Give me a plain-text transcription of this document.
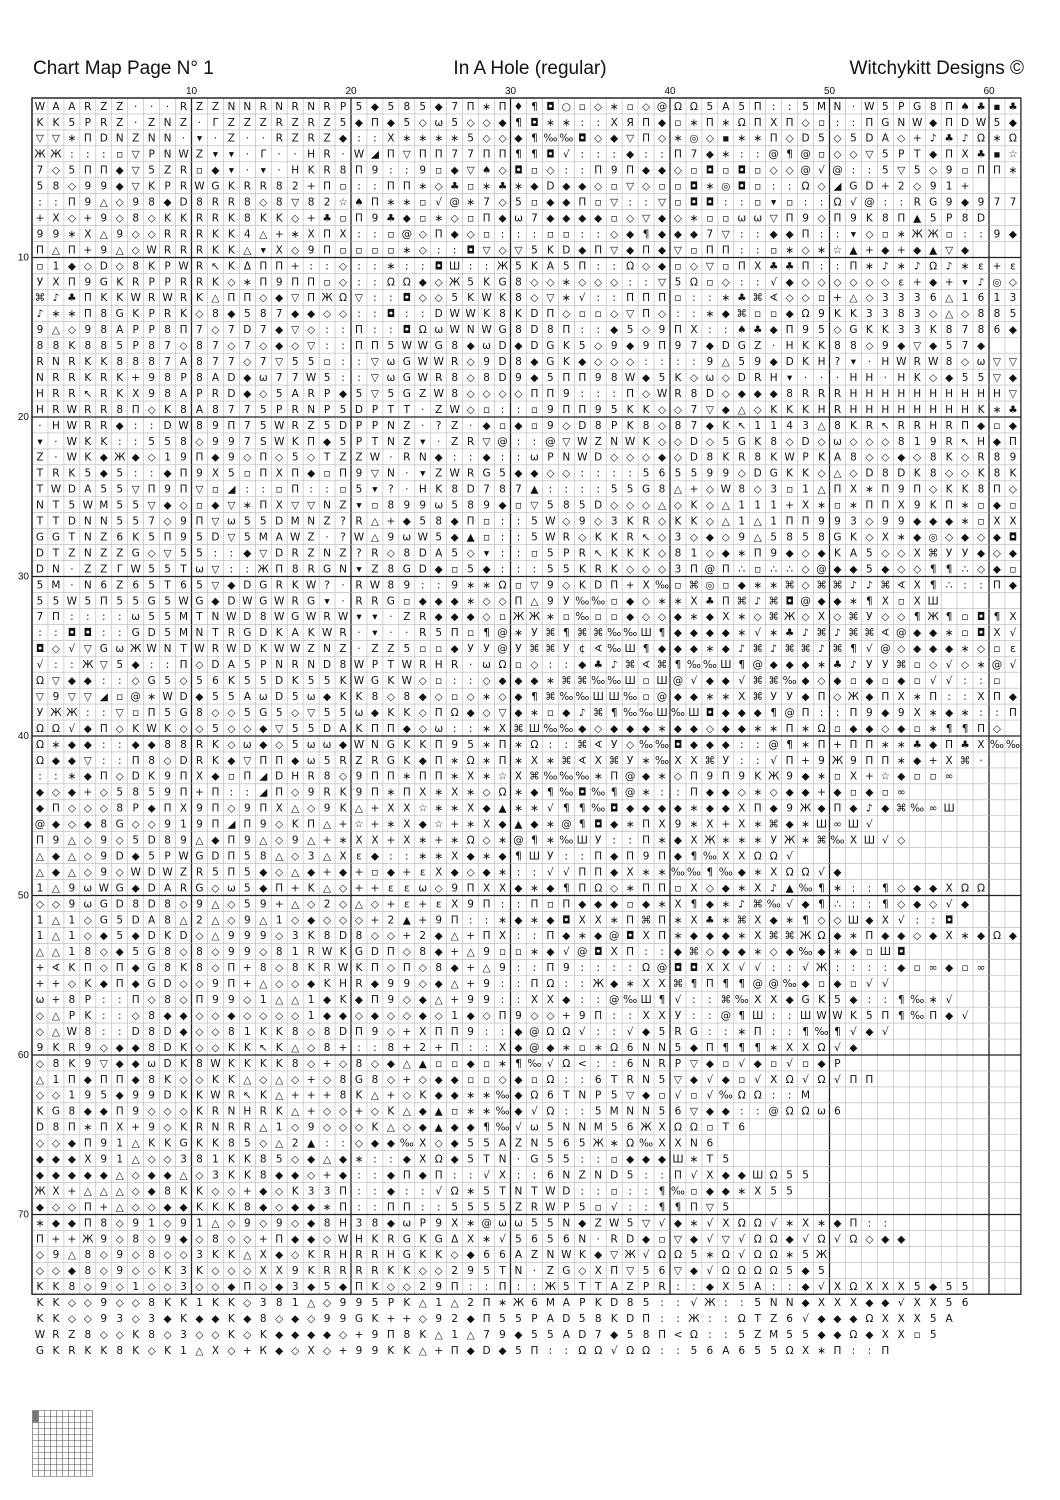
Chart Map Page N° 1	In A Hole (regular)	Witchykitt Designs ©
10	20	30	40	50	60
10
20
30
40
50
60
70
W A A R Z Z · · · R Z Z N N R N R N R P 5 ◆ 5 8 5 ◆ 7 П ∗ П ♦ ¶ ◘ ○ ▫ ◇ ∗ ▫ ◇ @ Ω Ω 5 A 5 П : : 5 M N · W 5 P G 8 П ♠ ♣ ▪ ♣
K K 5 P R Z · Z N Z · Γ Z Z Z R Z R Z 5 ◆ П ◆ 5 ◇ ω 5 ◇ ◇ ◆ ¶ ◘ ∗ ∗ : : Χ Я П ◆ ▫ ∗ П ∗ Ω П Χ П ◇ ▫ : : П G N W ◆ П D W 5 ◆
▽ ▽ ∗ П D N Z N N · ▾ · Z · · R Z R Z ◆ : : Χ ∗ ∗ ∗ ∗ 5 ◇ ◇ ◆ ¶ ‰ ‰ ◘ ◇ ◆ ▽ П ◇ ∗ ◎ ◇ ▪ ∗ ∗ П ◇ D 5 ◇ 5 D A ◇ + ♪ ♣ ♪ Ω ∗ Ω
Ж Ж : : : ▫ ▽ P N W Z ▾ ▾ · Γ · · H R · W ◢ П ▽ П П 7 7 П П ¶ ¶ ◘ √ : : : ◆ : : П 7 ◆ ∗ : : @ ¶ @ ▫ ◇ ◇ ▽ 5 P T ◆ П Χ ♣ ▪ ☆
7 ◇ 5 П П ◆ ▽ 5 Z R ▫ ◆ ▾ · ▾ · H K R 8 П 9 : : 9 ▫ ◆ ▽ ♠ ◇ ◘ ▫ ◇ : : П 9 П ◆ ◆ ◇ ▫ ◘ ▫ ◘ ▫ ◇ ◇ @ √ @ : : 5 ▽ 5 ◇ 9 ▫ П П ∗
5 8 ◇ 9 9 ◆ ▽ K P R W G K R R 8 2 + П ▫ : : П П ∗ ◇ ♣ ▫ ∗ ♣ ∗ ◆ D ◆ ◆ ◇ ▫ ▽ ◇ ▫ ▫ ◘ ∗ ◎ ◘ ▫ : : Ω ◇ ◢ G D + 2 ◇ 9 1 +
: : П 9 △ ◇ 9 8 ◆ D 8 R R 8 ◇ 8 ▽ 8 2 ☆ ♠ П ∗ ∗ ▫ √ @ ∗ 7 ◇ 5 ▫ ◆ ◆ П ▫ ▽ : : ▽ ▫ ◘ ◘ : : ▫ ▾ ▫ : : Ω √ @ : : R G 9 ◆ 9 7 7
+ Χ ◇ + 9 ◇ 8 ◇ K K R R K 8 K K ◇ + ♣ ▫ П 9 ♣ ◆ ▫ ∗ ◇ ▫ П ◆ ω 7 ◆ ◆ ◆ ◆ ▫ ◇ ▽ ◆ ◇ ∗ ▫ ▫ ω ω ▽ П 9 ◇ П 9 K 8 П ▲ 5 P 8 D
9 9 ∗ Χ △ 9 ◇ ◇ R R R K K 4 △ + ∗ Χ П Χ : : ▫ @ ◇ П ◆ ◇ ▫ : : : ▫ ▫ : : ◇ ◆ ¶ ◆ ◆ ◆ 7 ▽ : : ◆ ◆ П : : ▾ ◇ ▫ ∗ Ж Ж ▫ : : 9 ◆
П △ П + 9 △ ◇ W R R R K K △ ▾ Χ ◇ 9 П ▫ ▫ ▫ ▫ ∗ ◇ : : ◘ ▽ ◇ ▽ 5 K D ◆ П ▽ ◆ П ◆ ▽ ▫ П П : : ▫ ∗ ◇ ∗ ☆ ▲ + ◆ + ◆ ▲ ▽ ◆
▫ 1 ◆ ◇ D ◇ 8 K P W R ↖ K Δ П П + : : ◇ : : ∗ : : ◘ Ш : : Ж 5 K A 5 П : : Ω ◇ ◆ ▫ ◇ ▽ ▫ П Χ ♣ ♣ П : : П ∗ ♪ ∗ ♪ Ω ♪ ∗ ε + ε
У Χ П 9 G K R P P R R K ◇ ∗ П 9 П П ▫ ◇ : : Ω Ω ◆ ◇ Ж 5 K G 8 ◇ ◇ ∗ ◇ ◇ ◇ : : ▽ 5 Ω ▫ ◇ : : √ ◆ ◇ ◇ ◇ ◇ ◇ ◇ ε + ◆ + ▾ ♪ ◎ ◇
⌘ ♪ ♣ П K K W R W R K △ П П ◇ ◆ ▽ П Ж Ω ▽ : : ◘ ◇ ◇ 5 K W K 8 ◇ ▽ ∗ √ : : П П П ▫ : : ∗ ♣ ⌘ ∢ ◇ ◇ ▫ + △ ◇ 3 3 3 6 △ 1 6 1 3
♪ ∗ ∗ П 8 G K P R K ◇ 8 ◆ 5 8 7 ◆ ◆ ◇ ◇ : : ◘ : : D W W K 8 K D П ◇ ▫ ▫ ◇ ▽ П ◇ : : ∗ ◆ ⌘ ▫ ▫ ◆ Ω 9 K K 3 3 8 3 ◇ △ ◇ 8 8 5
9 △ ◇ 9 8 A P P 8 П 7 ◇ 7 D 7 ◆ ▽ ◇ : : П : : ◘ Ω ω W N W G 8 D 8 П : : ◆ 5 ◇ 9 П Χ : : ♠ ♣ ◆ П 9 5 ◇ G K K 3 3 K 8 7 8 6 ◆
8 8 K 8 8 5 P 8 7 ◇ 8 7 ◇ 7 ◇ ◆ ◇ ▽ : : П П 5 W W G 8 ◆ ω D ◆ D G K 5 ◇ 9 ◆ 9 П 9 7 ◆ D G Z · H K K 8 8 ◇ 9 ◆ ▽ ◆ 5 7 ◆
R N R K K 8 8 8 7 A 8 7 7 ◇ 7 ▽ 5 5 ▫ : : ▽ ω G W W R ◇ 9 D 8 ◆ G K ◆ ◇ ◇ ◇ : : : : 9 △ 5 9 ◆ D K H ? ▾ · H W R W 8 ◇ ω ▽ ▽
N R R K R K + 9 8 P 8 A D ◆ ω 7 7 W 5 : : ▽ ω G W R 8 ◇ 8 D 9 ◆ 5 П П 9 8 W ◆ 5 K ◇ ω ◇ D R H ▾ · · · H H · H K ◇ ◆ 5 5 ▽ ◆
H R R ↖ R K Χ 9 8 A P R D ◆ ◇ 5 A R P ◆ 5 ▽ 5 G Z W 8 ◇ ◇ ◇ ◇ П П 9 : : : П ◇ W R 8 D ◇ ◆ ◆ ◆ 8 R R R H H H H H H H H H H ▽
H R W R R 8 П ◇ K 8 A 8 7 7 5 P R N P 5 D P T T · Z W ◇ ▫ : : ▫ 9 П П 9 5 K K ◇ ◇ 7 ▽ ◆ △ ◇ K K K H R H H H H H H H H K ∗ ♣
· H W R R ◆ : : D W 8 9 П 7 5 W R Z 5 D P P N Z · ? Z · ◆ ▫ ◆ ▫ 9 ◇ D 8 P K 8 ◇ 8 7 ◆ K ↖ 1 1 4 3 △ 8 K R ↖ R R H R П ◆ ▫ ◆
▾ · W K K : : 5 5 8 ◇ 9 9 7 S W K П ◆ 5 P T N Z ▾ · Z R ▽ @ : : @ ▽ W Z N W K ◇ ◇ D ◇ 5 G K 8 ◇ D ◇ ω ◇ ◇ ◇ 8 1 9 R ↖ H ◆ П
Z · W K ◆ Ж ◆ ◇ 1 9 П ◆ 9 ◇ П ◇ 5 ◇ T Z Z W · R N ◆ : : ◆ : : ω P N W D ◇ ◇ ◇ ◆ ◇ D 8 K R 8 K W P K A 8 ◇ ◇ ◆ ◇ 8 K ◇ R 8 9
T R K 5 ◆ 5 : : ◆ П 9 Χ 5 ▫ П Χ П ◆ ▫ П 9 ▽ N · ▾ Z W R G 5 ◆ ◆ ◇ ◇ : : : : 5 6 5 5 9 9 ◇ D G K K ◇ △ ◇ D 8 D K 8 ◇ ◇ K 8 K
T W D A 5 5 ▽ П 9 П ▽ ▫ ◢ : : ▫ П : : ▫ 5 ▾ ? · H K 8 D 7 8 7 ▲ : : : : 5 5 G 8 △ + ◇ W 8 ◇ 3 ▫ 1 △ П Χ ∗ П 9 П ◇ K K 8 П ◇
N T 5 W M 5 5 ▽ ◆ ◇ ▫ ◆ ▽ ∗ П Χ ▽ ▽ N Z ▾ ▫ 8 9 9 ω 5 8 9 ◆ ▫ ▽ 5 8 5 D ◇ ◇ ◇ △ ◇ K ◇ △ 1 1 1 + Χ ∗ ▫ ∗ П П Χ 9 K П ∗ ▫ ◆ ▫
T T D N N 5 5 7 ◇ 9 П ▽ ω 5 5 D M N Z ? R △ + ◆ 5 8 ◆ П ▫ : : 5 W ◇ 9 ◇ 3 K R ◇ K K ◇ △ 1 △ 1 П П 9 9 3 ◇ 9 9 ◆ ◆ ◆ ∗ ▫ Χ Χ
G G T N Z 6 K 5 П 9 5 D ▽ 5 M A W Z · ? W △ 9 ω W 5 ◆ ▲ ▫ : : 5 W R ◇ K K R ↖ ◇ 3 ◇ ◆ ◇ 9 △ 5 8 5 8 G K ◇ Χ ∗ ◆ ◎ ◇ ◆ ◇ ◆ ◘
D T Z N Z Z G ◇ ▽ 5 5 : : ◆ ▽ D R Z N Z ? R ◇ 8 D A 5 ◇ ▾ : : ▫ 5 P R ↖ K K K ◇ 8 1 ◇ ◆ ∗ П 9 ◆ ◇ ◆ K A 5 ◇ ◇ Χ ⌘ У У ◆ ◇ ◆
D N · Z Z Γ W 5 5 T ω ▽ : : Ж П 8 R G N ▾ Z 8 G D ◆ ▫ 5 ◆ : : : 5 5 K R K ◇ ◇ ◇ 3 П @ П ∴ ▫ ∴ ∴ ◇ @ ◆ ◆ 5 ◆ ◇ ◇ ¶ ¶ ∴ ◇ ◆ ▫
5 M · N 6 Z 6 5 T 6 5 ▽ ◆ D G R K W ? · R W 8 9 : : 9 ∗ ∗ Ω ▫ ▽ 9 ◇ K D П + Χ ‰ ▫ ⌘ ◎ ▫ ◆ ∗ ∗ ⌘ ◇ ⌘ ⌘ ♪ ♪ ⌘ ∢ Χ ¶ ∴ : : П ◆
5 5 W 5 П 5 5 G 5 W G ◆ D W G W R G ▾ · R R G ▫ ◆ ◆ ◆ ∗ ◇ ◇ П △ 9 У ‰ ‰ ▫ ◆ ◇ ∗ ∗ Χ ♣ П ⌘ ♪ ⌘ ◘ @ ◆ ◆ ∗ ¶ Χ ▫ Χ Ш
7 П : : : : ω 5 5 M T N W D 8 W G W R W ▾ ▾ · Z R ◆ ◆ ◆ ◇ ▫ Ж Ж ∗ ▫ ‰ ▫ ▫ ◆ ◇ ◇ ◆ ∗ ◆ Χ ∗ ◇ ⌘ Ж ◇ Х ◇ ⌘ У ◇ ◇ ¶ Ж ¶ ▫ ◘ ¶ Χ
: : ◘ ◘ : : G D 5 M N T R G D K A K W R · ▾ · · R 5 П ▫ ¶ @ ∗ У ⌘ ¶ ⌘ ⌘ ‰ ‰ Ш ¶ ◆ ◆ ◆ ◆ ∗ √ ∗ ♣ ♪ ⌘ ♪ ⌘ ⌘ ∢ @ ◆ ◆ ∗ ▫ ◘ Χ √
◘ ◇ √ ▽ G ω Ж W N T W R W D K W W Z N Z · Z Z 5 ▫ ▫ ◆ У У @ У ⌘ ⌘ У ¢ ∢ ‰ Ш ¶ ◆ ◆ ◆ ∗ ◆ ♪ ⌘ ♪ ⌘ ⌘ ♪ ⌘ ¶ √ @ ◇ ◆ ◆ ◆ ∗ ◇ ▫ ε
√ : : Ж ▽ 5 ◆ : : П ◇ D A 5 P N R N D 8 W P T W R H R · ω Ω ▫ ◇ : : ◆ ♣ ♪ ⌘ ∢ ⌘ ¶ ‰ ‰ Ш ¶ @ ◆ ◆ ◆ ∗ ♣ ♪ У У ⌘ ▫ ◇ √ ◇ ∗ @ √
Ω ▽ ◆ ◆ : : ◇ G 5 ◇ 5 6 K 5 5 D K 5 5 K W G K W ◇ ▫ : : ◇ ◆ ◆ ◆ ∗ ⌘ ⌘ ‰ ‰ Ш ▫ Ш @ √ ◆ ◆ √ ⌘ ⌘ ‰ ◆ ◇ ◆ ▫ ◆ ▫ ◆ ▫ √ √ : : ▫
▽ 9 ▽ ▽ ◢ ▫ @ ∗ W D ◆ 5 5 A ω D 5 ω ◆ K K 8 ◇ 8 ◆ ◇ ▫ ◇ ∗ ◇ ◆ ¶ ⌘ ‰ ‰ Ш Ш ‰ ▫ @ ◆ ◆ ∗ ∗ Х ⌘ У У ◆ П ◇ Ж ◆ П Χ ∗ П : : Χ П ◆
У Ж Ж : : ▽ ▫ П 5 G 8 ◇ ◇ 5 G 5 ◇ ▽ 5 5 ω ◆ K K ◇ П Ω ◆ ◇ ▽ ◆ ∗ ▫ ◆ ♪ ⌘ ¶ ‰ ‰ Ш ‰ Ш ◘ ◆ ◆ ◆ ¶ @ П : : П 9 ◆ 9 Χ ∗ ◆ ∗ : : П
Ω Ω √ ◆ П ◇ K W K ◇ ◇ 5 ◇ ◇ ◆ ▽ 5 5 D A K П П ◆ ◇ ω : : ∗ Х ⌘ Ш ‰ ‰ ◆ ◇ ◆ ◆ ◆ ∗ ◆ ◆ ◇ ◆ ◆ ∗ ∗ П ∗ Ω ▫ ◆ ◆ ◇ ◆ ▫ ∗ ¶ ¶ П ◇
Ω ∗ ◆ ◆ : : ◆ ◆ 8 8 R K ◇ ω ◆ ◇ 5 ω ω ◆ W N G K K П 9 5 ∗ П ∗ Ω : : ⌘ ∢ У ◇ ‰ ‰ ◘ ◆ ◆ ◆ : : @ ¶ ∗ П + П П ∗ ∗ ♣ ◆ П ♣ Χ ‰ ‰
Ω ◆ ◆ ▽ : : П 8 ◇ D R K ◆ ▽ П П ◆ ω 5 R Z R G K ◆ П ∗ Ω ∗ П ∗ Х ∗ ⌘ ∢ Х ⌘ У ∗ ‰ Χ Х ⌘ У : : √ П + 9 Ж 9 П П ∗ ◆ + Χ ⌘ ·
: : ∗ ◆ П ◇ D K 9 П Χ ◆ ▫ П ◢ D H R 8 ◇ 9 П П ∗ П П ∗ Χ ∗ ☆ Х ⌘ ‰ ‰ ‰ ∗ П @ ◆ ∗ ◇ П 9 П 9 K Ж 9 ◆ ∗ ▫ Χ + ☆ ◆ ▫ ▫ ∞
◆ ◇ ◆ + ◇ 5 8 5 9 П + П : : ◢ П ◇ 9 R K 9 П ∗ П Χ ∗ Χ ∗ ◇ Ω ∗ ◆ ¶ ‰ ◘ ‰ ¶ @ ∗ : : П ◆ ◆ ◇ ∗ ◇ ◆ ◆ + ◆ ▫ ◆ ▫ ∞
◆ П ◇ ◇ ◇ 8 P ◆ П Х 9 П ◇ 9 П Χ △ ◇ 9 K △ + Χ Χ ☆ ∗ ∗ Χ ◆ ▲ ∗ ∗ √ ¶ ¶ ‰ ◘ ◆ ◆ ◆ ◆ ∗ ◆ ◆ Χ П ◆ 9 Ж ◆ П ◆ ♪ ◆ ⌘ ‰ ∞ Ш
@ ◆ ◇ ◆ 8 G ◇ ◇ 9 1 9 П ◢ П 9 ◇ K П △ + ☆ + ∗ Χ ◆ ☆ + ∗ Χ ◆ ▲ ◆ ∗ @ ¶ ◘ ◆ ∗ П Χ 9 ∗ Χ + Χ ∗ ⌘ ◆ ∗ Ш ∞ Ш √
П 9 △ ◇ 9 ◇ 5 D 8 9 △ ◆ П 9 △ ◇ 9 △ + ∗ Χ Χ + Χ ∗ + ∗ Ω ◇ ∗ @ ¶ ∗ ‰ Ш У : : П ∗ ◆ Χ Ж ∗ ∗ ∗ У Ж ∗ ⌘ ‰ Χ Ш √ ◇
△ ◆ △ ◇ 9 D ◆ 5 P W G D П 5 8 △ ◇ 3 △ Χ ε ◆ : : ∗ ∗ Х ◆ ∗ ◆ ¶ Ш У : : П ◆ П 9 П ◆ ¶ ‰ Χ Χ Ω Ω √
△ ◆ △ ◇ 9 ◇ W D W Z R 5 П 5 ◆ ◇ △ ◆ + ◆ + ▫ ◆ + ε Χ ◆ ◇ ◆ ∗ : : √ √ П П ◆ Χ ∗ ∗ ‰ ‰ ¶ ‰ ◆ ∗ Χ Ω Ω √ ◆
1 △ 9 ω W G ◆ D A R G ◇ ω 5 ◆ П + K △ ◇ + + ε ε ω ◇ 9 П Χ Χ ◆ ∗ ◆ ¶ П Ω ◇ ∗ П П ▫ Χ ◇ ◆ ∗ Χ ♪ ▲ ‰ ¶ ∗ : : ¶ ◇ ◆ ◆ Χ Ω Ω
◇ ◇ 9 ω G D 8 D 8 ◇ 9 △ ◇ 5 9 + △ ◇ 2 ◇ △ ◇ + ε + ε Χ 9 П : : П ▫ П ◆ ◆ ◆ ▫ ◆ ∗ Χ ¶ ◆ ∗ ♪ ⌘ ‰ √ ◆ ¶ ∴ : : ¶ ◇ ◆ ◇ √ ◆
1 △ 1 ◇ G 5 D A 8 △ 2 △ ◇ 9 △ 1 ◇ ◆ ◇ ◇ ◇ + 2 ▲ + 9 П : : ∗ ◆ ∗ ◆ ◘ Χ Χ ∗ П ⌘ П ∗ Χ ♣ ∗ ⌘ Х ◆ ∗ ¶ ◇ ◇ Ш ◆ Χ √ : : ◘
1 △ 1 ◇ ◆ 5 ◆ D K D ◇ △ 9 9 9 ◇ 3 K 8 D 8 ◇ ◇ + 2 ◆ △ + П Χ : : П ◆ ∗ ◆ @ ◘ Χ П ∗ ◆ ◆ ◆ ∗ Χ ⌘ ⌘ Ж Ω ◆ ∗ П ◆ ◆ ◇ ◆ Χ ∗ ◆ Ω ◆
△ △ 1 8 ◇ ◆ 5 G 8 ◇ 8 ◇ 9 9 ◇ 8 1 R W K G D П ◇ 8 ◆ + △ 9 ▫ ▫ ∗ ◆ √ @ ◘ Χ П : : ◆ ⌘ ◇ ◆ ◆ ∗ ◇ ◆ ‰ ◆ ∗ ◆ ▫ Ш ◘
+ ∢ K П ◇ П ◆ G 8 K 8 ◇ П + 8 ◇ 8 K R W K П ◇ П ◇ 8 ◆ + △ 9 : : П 9 : : : : Ω @ ◘ ◘ Χ Χ √ √ : : √ Ж : : : : ◆ ▫ ∞ ◆ ▫ ∞
+ + ◇ K ◆ П ◆ G D ◇ ◇ 9 П + △ ◇ ◇ ◆ K H R ◆ 9 9 ◇ ◆ △ + 9 : : П Ω : : Ж ◆ ∗ Χ Χ ⌘ ¶ П ¶ ¶ @ @ ‰ ◆ ▫ ◆ ▫ √ √
ω + 8 P : : П ◇ 8 ◇ П 9 9 ◇ 1 △ △ 1 ◆ K ◆ П 9 ◇ ◆ △ + 9 9 : : Χ Х ◆ : : @ ‰ Ш ¶ √ : : ⌘ ‰ Χ Χ ◆ G K 5 ◆ : : ¶ ‰ ∗ √
◇ △ P K : : ◇ 8 ◆ ◆ ◇ ◇ ◆ ◇ ◇ ◇ ◇ 1 ◆ ◆ ◇ ◆ ◇ ◇ ◆ ◇ 1 ◆ ◇ П 9 ◇ ◇ + 9 П : : Χ Χ У : : @ ¶ Ш : : Ш W W K 5 П ¶ ‰ П ◆ √
◇ △ W 8 : : D 8 D ◆ ◇ ◇ 8 1 K K 8 ◇ 8 D П 9 ◇ + Χ П П 9 : : ◆ @ Ω Ω √ : : √ ◆ 5 R G : : ∗ П : : ¶ ‰ ¶ √ ◆ √
9 K R 9 ◇ ◆ ◆ 8 D K ◇ ◇ K K ↖ K △ ◇ 8 + : : 8 + 2 + П : : Χ ◆ @ ◆ ∗ ▫ ∗ Ω 6 N N 5 ◆ П ¶ ¶ ¶ ∗ Χ Χ Ω √ ◆
◇ 8 K 9 ▽ ◆ ◆ ω D K 8 W K K K K 8 ◇ + ◇ 8 ◇ ◆ △ ▲ ▫ ▫ ◆ ▫ ∗ ¶ ‰ √ Ω < : : 6 N R P ▽ ◆ ▫ √ ◆ ▫ √ ▫ ◆ P
△ 1 П ◆ П П ◆ 8 K ◇ ◇ K K △ ◇ △ ◇ + ◇ 8 G 8 ◇ + ◇ ◆ ◆ ▫ ▫ ◇ ◆ ▫ Ω : : 6 T R N 5 ▽ ◆ √ ◆ ▫ √ Χ Ω √ Ω √ П П
◇ ◇ 1 9 5 ◆ 9 9 D K K W R ↖ K △ + + + 8 K △ + ◇ K ◆ ◆ ∗ ∗ ‰ ◆ Ω 6 T N P 5 ▽ ◆ ▫ √ ▫ √ ‰ Ω Ω : : M
K G 8 ◆ ◆ П 9 ◇ ◇ ◇ K R N H R K △ + ◇ ◇ + ◇ K △ ◆ ▲ ▫ ∗ ∗ ‰ ◆ √ Ω : : 5 M N N 5 6 ▽ ◆ ◆ : : @ Ω Ω ω 6
D 8 П ∗ П Χ + 9 ◇ K R N R R △ 1 ◇ 9 ◇ ◇ ◇ K △ ◇ ◆ ▲ ◆ ◆ ¶ ‰ √ ω 5 N N M 5 6 Ж Χ Ω Ω ▫ T 6
◇ ◇ ◆ П 9 1 △ K K G K K 8 5 ◇ △ 2 ▲ : : ◇ ◆ ◆ ‰ Х ◇ ◆ 5 5 A Z N 5 6 5 Ж ∗ Ω ‰ Χ Χ N 6
◆ ◆ ◆ Χ 9 1 △ ◇ ◇ 3 8 1 K K 8 5 ◇ ◆ △ ◆ ∗ : : ◆ Χ Ω ◆ 5 T N · G 5 5 : : ▫ ◆ ◆ ◆ Ш ∗ T 5
◆ ◆ ◆ ◆ ◆ △ ◇ ◆ ◆ △ ◇ 3 K K 8 ◆ ◆ ◇ + ◆ : : ◆ П ◆ П : : √ Х : : 6 N Z N D 5 : : П √ Х ◆ ◆ Ш Ω 5 5
Ж Χ + △ △ △ ◇ ◆ 8 K K ◇ ◇ + ◆ ◇ K 3 3 П : : ◆ : : √ Ω ∗ 5 T N T W D : : ▫ : : ¶ ‰ ▫ ◆ ◆ ∗ Χ 5 5
◆ ◇ ◇ П + △ ◇ ◇ ◆ ◆ K K K 8 ◆ ◇ ◆ ◆ ∗ П : : П П : : 5 5 5 5 Z R W P 5 ▫ √ : : ¶ ¶ П ▽ 5
∗ ◆ ◆ П 8 ◇ 9 1 ◇ 9 1 △ ◇ 9 ◇ 9 ◇ ◆ 8 H 3 8 ◆ ω P 9 Χ ∗ @ ω ω 5 5 N ◆ Z W 5 ▽ √ ◆ ∗ √ Χ Ω Ω √ ∗ Х ∗ ◆ П : :
П + + Ж 9 ◇ 8 ◇ 9 ◆ ◇ 8 ◇ ◇ + П ◆ ◆ ◇ W H K R G K G Δ Χ ∗ √ 5 6 5 6 N · R D ◆ ▫ ▽ ◆ √ ▽ √ Ω Ω ◆ √ Ω √ Ω ◇ ◆ ◆
◇ 9 △ 8 ◇ 9 ◇ 8 ◇ ◇ 3 K K △ Χ ◆ ◇ K R H R R H G K K ◇ ◆ 6 6 A Z N W K ◆ ▽ Ж √ Ω Ω 5 ∗ Ω √ Ω Ω ∗ 5 Ж
◇ ◇ ◆ 8 ◇ 9 ◇ ◇ K 3 K ◇ ◇ ◇ Χ Χ 9 K R R R R K K ◇ ◇ 2 9 5 T N · Z G ◇ Χ П ▽ 5 6 ▽ ◆ √ Ω Ω Ω Ω 5 ◆ 5
K K 8 ◇ 9 ◇ 1 ◇ ◇ 3 ◇ ◇ ◆ П ◇ ◆ 3 ◆ 5 ◆ Π K ◇ ◇ 2 9 П : : П : : Ж 5 T T A Z P R : : ◆ Χ 5 A : : ◆ √ Χ Ω Χ Χ Χ 5 ◆ 5 5
K K ◇ ◇ 9 ◇ ◇ 8 K K 1 K K ◇ 3 8 1 △ ◇ 9 9 5 P K △ 1 △ 2 П ∗ Ж 6 M A P K D 8 5 : : √ Ж : : 5 N N ◆ Χ Χ Χ ◆ ◆ √ Χ Χ 5 6
K K ◇ ◇ 9 3 ◇ 3 ◆ K ◆ ◆ K ◆ 8 ◇ ◆ ◇ 9 9 G K + + ◇ 9 2 ◆ П 5 5 P A D 5 8 K D П : : Ж : : Ω T Z 6 √ ◆ ◆ ◆ Ω Χ Χ Χ 5 A
W R Z 8 ◇ ◇ K 8 ◇ 3 ◇ ◇ K ◇ K ◆ ◆ ◆ ◆ ◇ + 9 П 8 K △ 1 △ 7 9 ◆ 5 5 A D 7 ◆ 5 8 П < Ω : : 5 Z M 5 5 ◆ ◆ Ω ◆ Χ Χ ▫ 5
G K R K K 8 K ◇ K 1 △ Χ ◇ + К ◆ ◇ Χ ◇ + 9 9 K K △ + П ◆ D ◆ 5 П : : Ω Ω √ Ω Ω : : 5 6 A 6 5 5 Ω Χ ∗ П : : П
